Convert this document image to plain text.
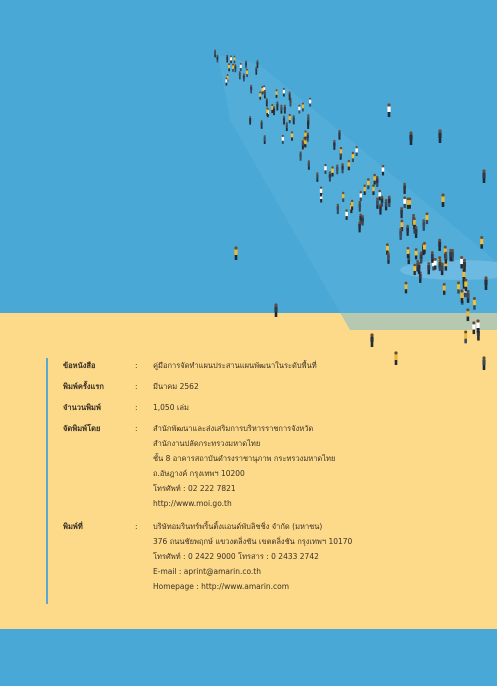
ข้อหนังสือ	:	คู่มือการจัดทำแผนประสานแผนพัฒนาในระดับพื้นที่
พิมพ์ครั้งแรก	:	มีนาคม 2562
จำนวนพิมพ์	:	1,050 เล่ม
จัดพิมพ์โดย	:	สำนักพัฒนาและส่งเสริมการบริหารราชการจังหวัด
สำนักงานปลัดกระทรวงมหาดไทย
ชั้น 8 อาคารสถาบันดำรงราชานุภาพ กระทรวงมหาดไทย
ถ.อัษฎางค์ กรุงเทพฯ 10200
โทรศัพท์ : 02 222 7821
http://www.moi.go.th
พิมพ์ที่	:	บริษัทอมรินทร์พริ้นติ้งแอนด์พับลิชชิ่ง จำกัด (มหาชน)
376 ถนนชัยพฤกษ์ แขวงตลิ่งชัน เขตตลิ่งชัน กรุงเทพฯ 10170
โทรศัพท์ : 0 2422 9000 โทรสาร : 0 2433 2742
E-mail : aprint@amarin.co.th
Homepage : http://www.amarin.com
